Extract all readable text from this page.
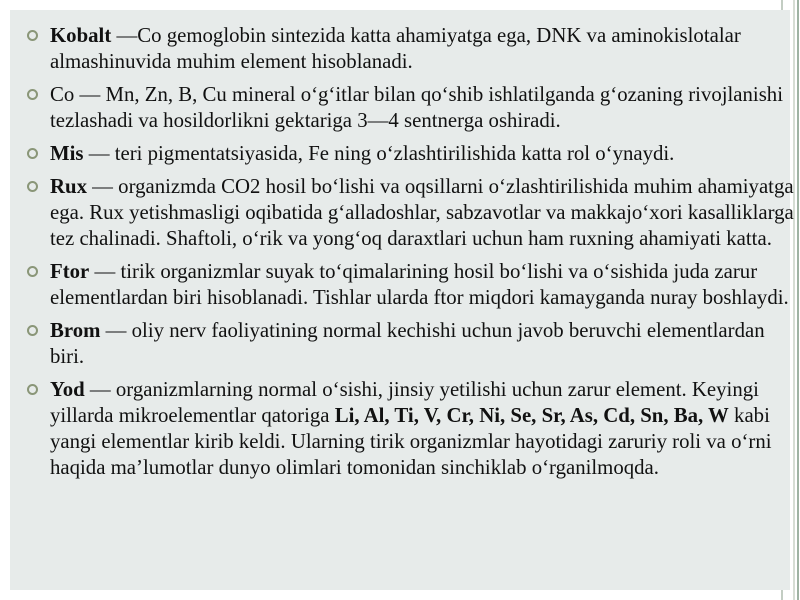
Kobalt —Co gemoglobin sintezida katta ahamiyatga ega, DNK va aminokislotalar almashinuvida muhim element hisoblanadi.
Co — Mn, Zn, B, Cu mineral oʻgʻitlar bilan qoʻshib ishlatilganda gʻozaning rivojlanishi tezlashadi va hosildorlikni gektariga 3—4 sentnerga oshiradi.
Mis — teri pigmentatsiyasida, Fe ning oʻzlashtirilishida katta rol oʻynaydi.
Rux — organizmda CO2 hosil boʻlishi va oqsillarni oʻzlashtirilishida muhim ahamiyatga ega. Rux yetishmasligi oqibatida gʻalladoshlar, sabzavotlar va makkajoʻxori kasalliklarga tez chalinadi. Shaftoli, oʻrik va yongʻoq daraxtlari uchun ham ruxning ahamiyati katta.
Ftor — tirik organizmlar suyak toʻqimalarining hosil boʻlishi va oʻsishida juda zarur elementlardan biri hisoblanadi. Tishlar ularda ftor miqdori kamayganda nuray boshlaydi.
Brom — oliy nerv faoliyatining normal kechishi uchun javob beruvchi elementlardan biri.
Yod — organizmlarning normal oʻsishi, jinsiy yetilishi uchun zarur element. Keyingi yillarda mikroelementlar qatoriga Li, Al, Ti, V, Cr, Ni, Se, Sr, As, Cd, Sn, Ba, W kabi yangi elementlar kirib keldi. Ularning tirik organizmlar hayotidagi zaruriy roli va oʻrni haqida maʼlumotlar dunyo olimlari tomonidan sinchiklab oʻrganilmoqda.
